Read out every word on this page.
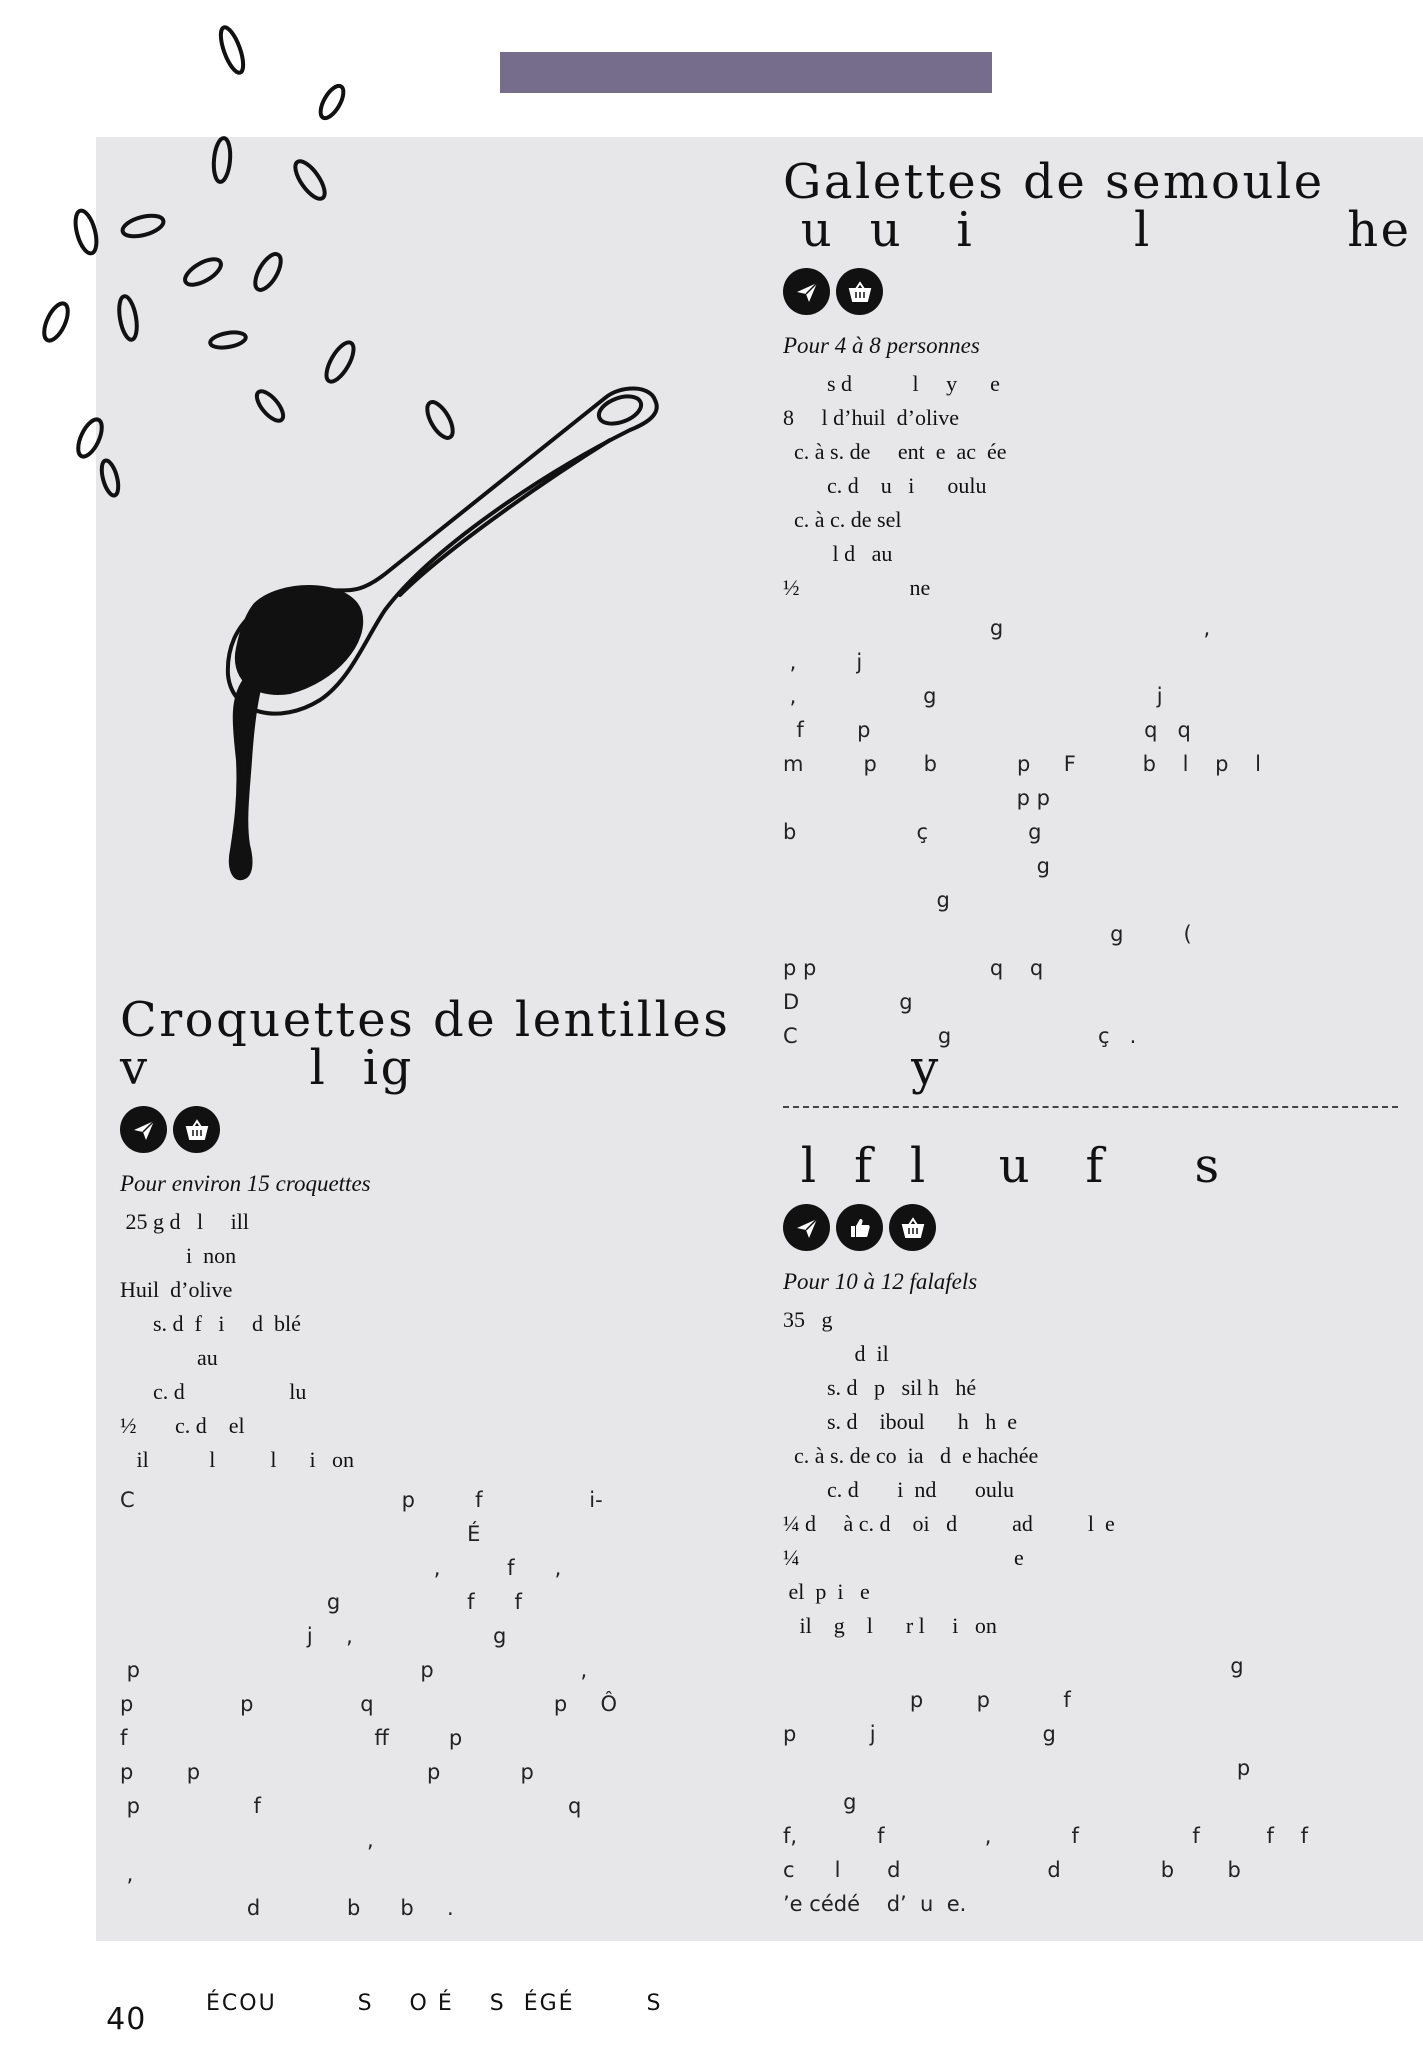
Galettes de semoule
u  u   i         l           he
Pour 4 à 8 personnes
s d           l     y      e
8     l d’huil  d’olive
c. à s. de     ent  e  ac  ée
c. d    u   i      oulu
c. à c. de sel
l d   au
½                    ne
g                              ,
,         j
,                   g                                 j
f        p                                         q   q
m         p       b            p     F          b    l    p    l
p p
b                  ç               g
g
g
g         (
p p                          q    q
D               g
C                     g                      ç   .
l  f  l    u   f     s
Pour 10 à 12 falafels
35   g
d  il
s. d   p   sil h   hé
s. d    iboul      h   h  e
c. à s. de co  ia   d  e hachée
c. d       i  nd       oulu
¼ d     à c. d    oi   d          ad          l  e
¼                                       e
el  p  i   e
il    g    l      r l     i   on
g
p        p           f
p           j                         g
p
g
f,            f               ,            f                 f          f    f
c      l       d                      d               b        b
’e cédé    d’  u  e.
Croquettes de lentilles
v         l  ig                            y
Pour environ 15 croquettes
25 g d   l     ill
i  non
Huil  d’olive
s. d  f   i     d  blé
au
c. d                   lu
½       c. d    el
il           l          l      i   on
C                                        p         f                i-
É
,          f      ,
g                   f      f
j     ,                     g
p                                          p                      ,
p                p                q                           p     Ô
f                                     ff         p
p        p                                  p            p
p                 f                                              q
,
,
d             b      b     .

40
	ÉCOU         S    O É    S  ÉGÉ        S
